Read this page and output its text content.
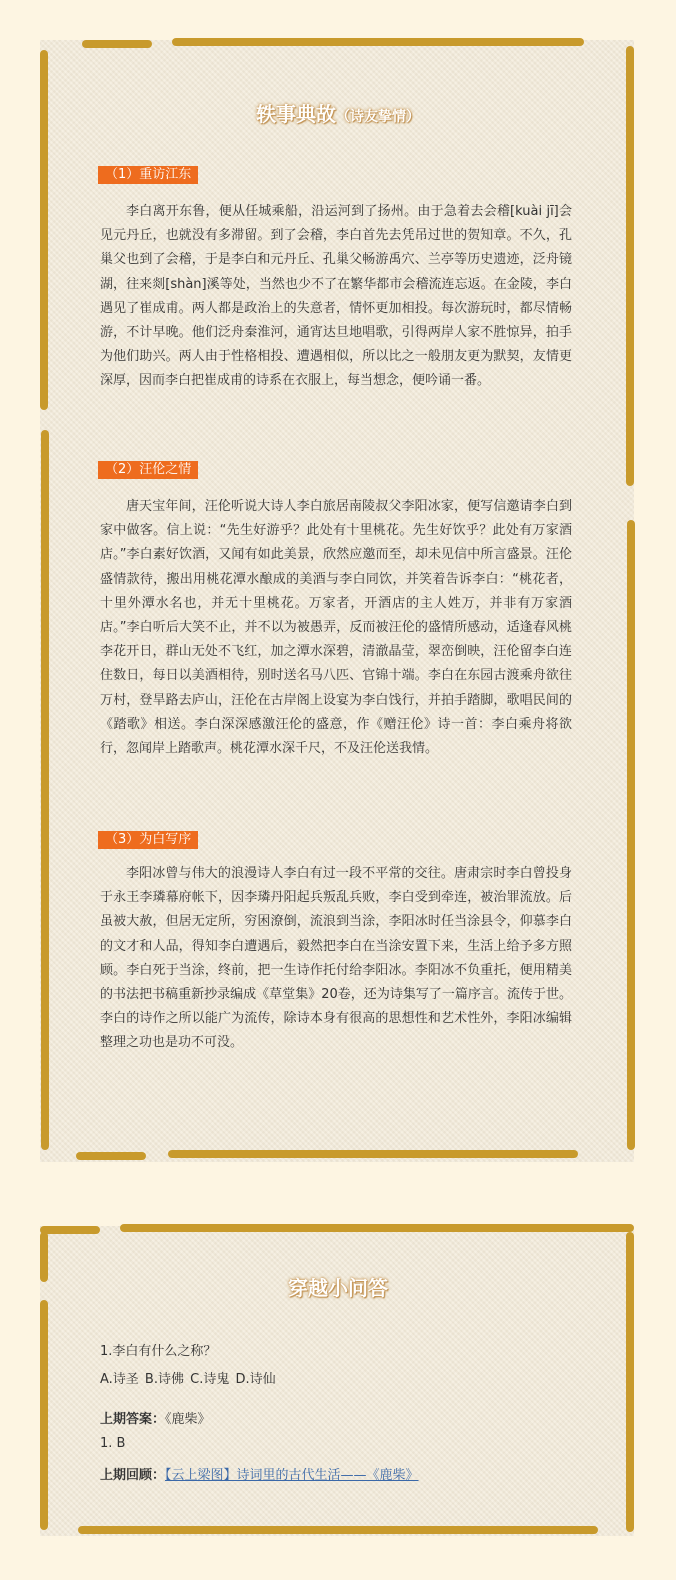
轶事典故（诗友挚情）
（1）重访江东

李白离开东鲁，便从任城乘船，沿运河到了扬州。由于急着去会稽[kuài jī]会见元丹丘，也就没有多滞留。到了会稽，李白首先去凭吊过世的贺知章。不久，孔巢父也到了会稽，于是李白和元丹丘、孔巢父畅游禹穴、兰亭等历史遗迹，泛舟镜湖，往来剡[shàn]溪等处，当然也少不了在繁华都市会稽流连忘返。在金陵，李白遇见了崔成甫。两人都是政治上的失意者，情怀更加相投。每次游玩时，都尽情畅游，不计早晚。他们泛舟秦淮河，通宵达旦地唱歌，引得两岸人家不胜惊异，拍手为他们助兴。两人由于性格相投、遭遇相似，所以比之一般朋友更为默契，友情更深厚，因而李白把崔成甫的诗系在衣服上，每当想念，便吟诵一番。

（2）汪伦之情

唐天宝年间，汪伦听说大诗人李白旅居南陵叔父李阳冰家，便写信邀请李白到家中做客。信上说：“先生好游乎？此处有十里桃花。先生好饮乎？此处有万家酒店。”李白素好饮酒，又闻有如此美景，欣然应邀而至，却未见信中所言盛景。汪伦盛情款待，搬出用桃花潭水酿成的美酒与李白同饮，并笑着告诉李白：“桃花者，十里外潭水名也，并无十里桃花。万家者，开酒店的主人姓万，并非有万家酒店。”李白听后大笑不止，并不以为被愚弄，反而被汪伦的盛情所感动，适逢春风桃李花开日，群山无处不飞红，加之潭水深碧，清澈晶莹，翠峦倒映，汪伦留李白连住数日，每日以美酒相待，别时送名马八匹、官锦十端。李白在东园古渡乘舟欲往万村，登旱路去庐山，汪伦在古岸阁上设宴为李白饯行，并拍手踏脚，歌唱民间的《踏歌》相送。李白深深感激汪伦的盛意，作《赠汪伦》诗一首：李白乘舟将欲行，忽闻岸上踏歌声。桃花潭水深千尺，不及汪伦送我情。

（3）为白写序

李阳冰曾与伟大的浪漫诗人李白有过一段不平常的交往。唐肃宗时李白曾投身于永王李璘幕府帐下，因李璘丹阳起兵叛乱兵败，李白受到牵连，被治罪流放。后虽被大赦，但居无定所，穷困潦倒，流浪到当涂，李阳冰时任当涂县令，仰慕李白的文才和人品，得知李白遭遇后，毅然把李白在当涂安置下来，生活上给予多方照顾。李白死于当涂，终前，把一生诗作托付给李阳冰。李阳冰不负重托，便用精美的书法把书稿重新抄录编成《草堂集》20卷，还为诗集写了一篇序言。流传于世。李白的诗作之所以能广为流传，除诗本身有很高的思想性和艺术性外，李阳冰编辑整理之功也是功不可没。

穿越小问答
1.李白有什么之称？
A.诗圣 B.诗佛 C.诗鬼 D.诗仙
上期答案：《鹿柴》
1. B
上期回顾：【云上梁图】诗词里的古代生活——《鹿柴》
